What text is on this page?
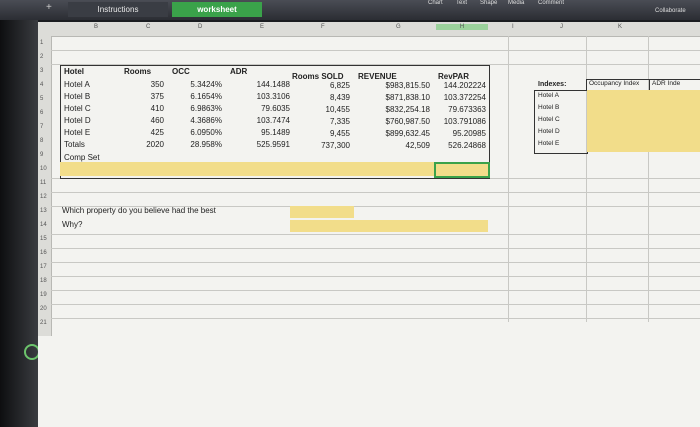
+	Instructions	worksheet
Chart Text Shape Media Comment
Collaborate
B	C	D	E	F	G	H	I	J	K
1
2
3
4
5
6
7
8
9
10
11
12
13
14
15
16
17
18
19
20
21
Hotel	Rooms	OCC	ADR
Rooms SOLD REVENUE	RevPAR
Hotel A	350	5.3424%	144.1488	6,825	$983,815.50	144.202224
Hotel B	375	6.1654%	103.3106	8,439	$871,838.10	103.372254
Hotel C	410	6.9863%	79.6035	10,455	$832,254.18	79.673363
Hotel D	460	4.3686%	103.7474	7,335	$760,987.50	103.791086
Hotel E	425	6.0950%	95.1489	9,455	$899,632.45	95.20985
Totals	2020	28.958%	525.9591	737,300	42,509	526.24868
Comp Set
Indexes:	Occupancy Index ADR Inde
Hotel A
Hotel B
Hotel C
Hotel D
Hotel E
Which property do you believe had the best
Why?
